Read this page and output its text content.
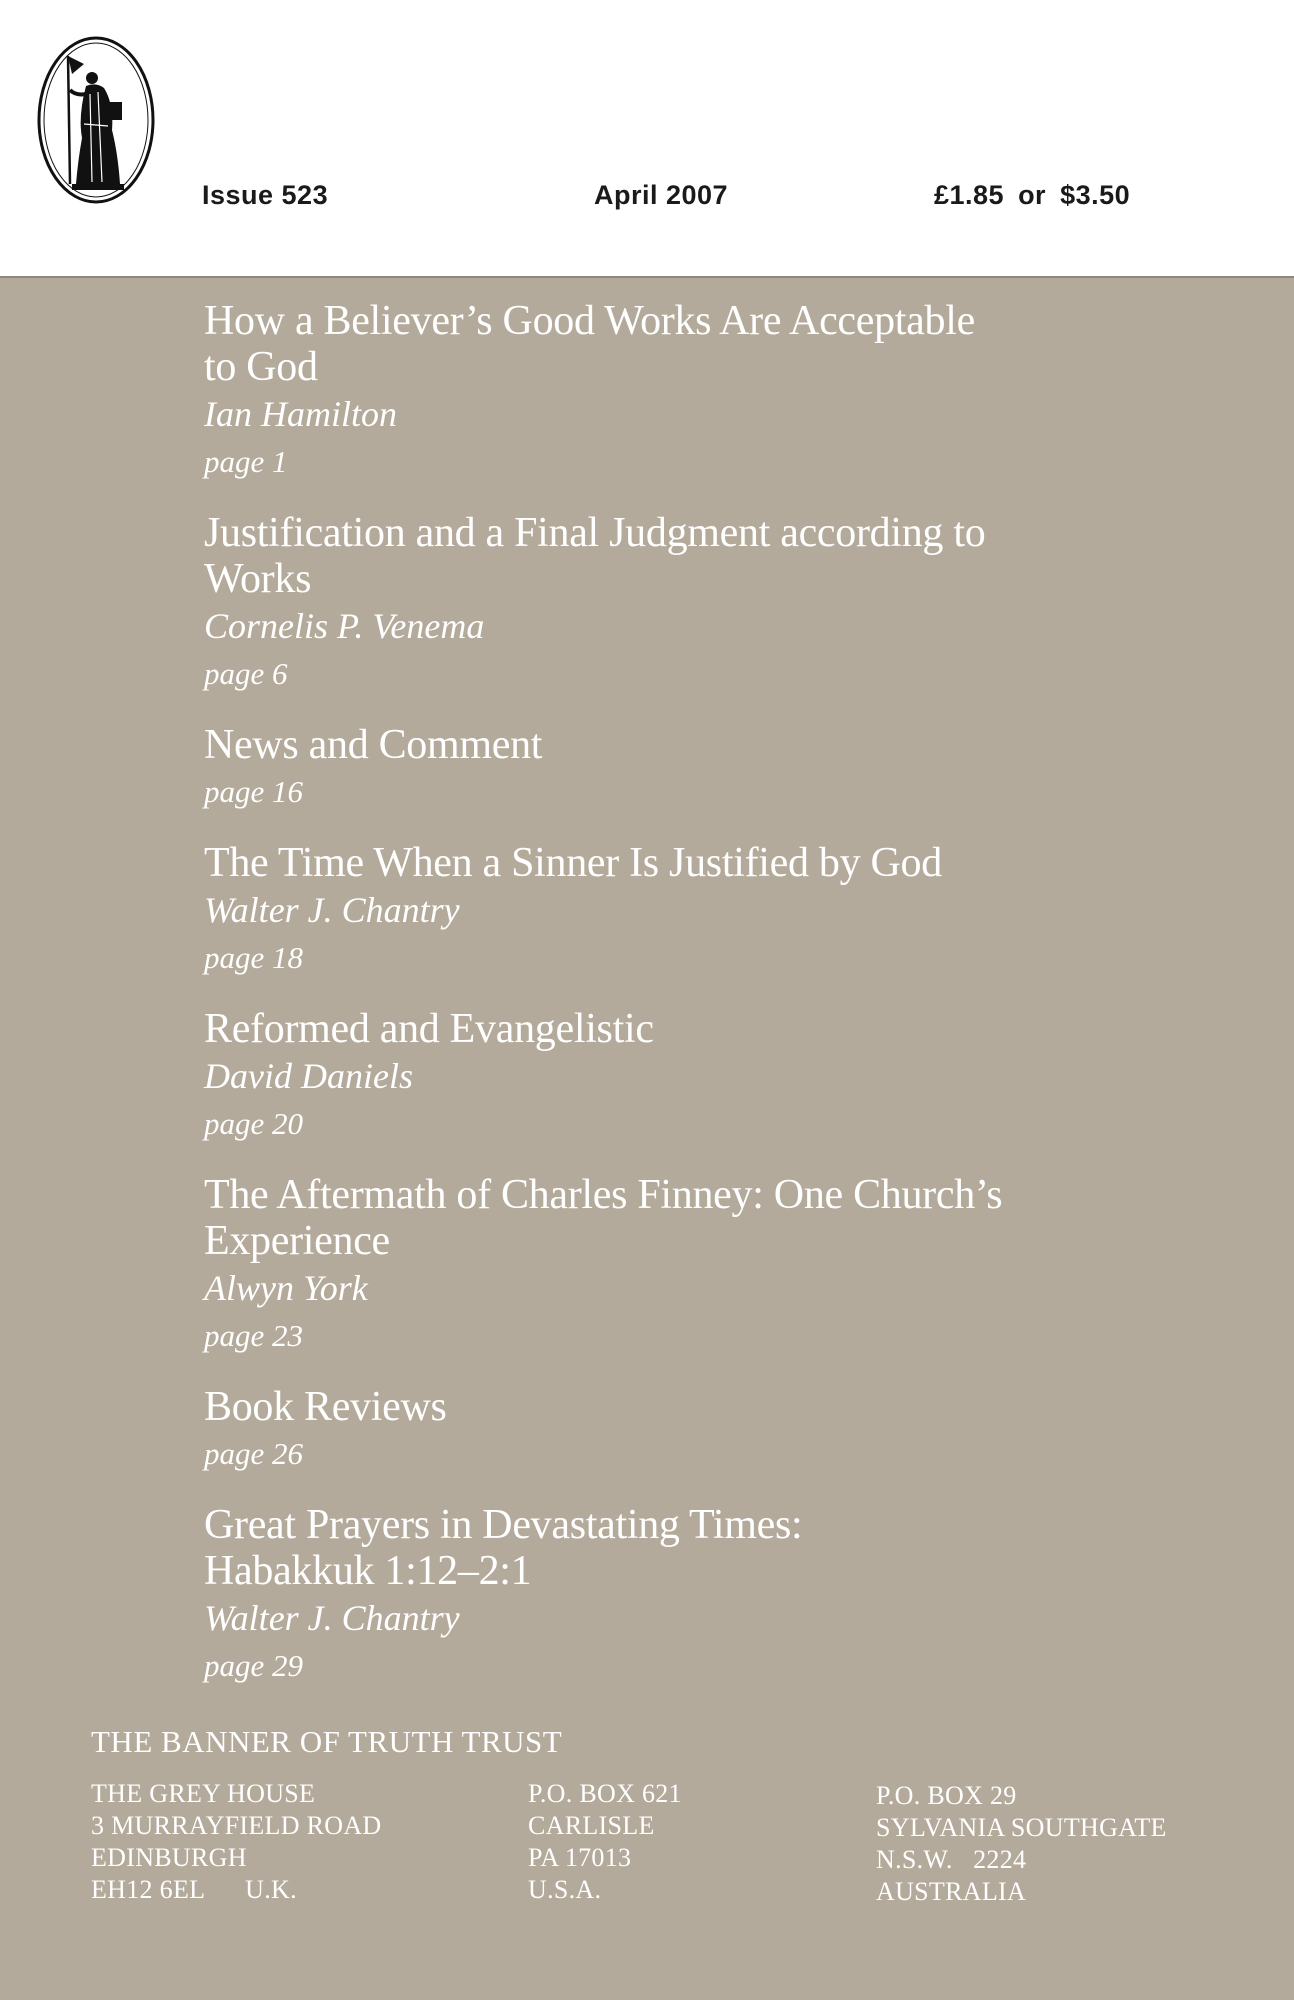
Issue 523	April 2007	£1.85 or $3.50
How a Believer’s Good Works Are Acceptable
to God
Ian Hamilton
page 1
Justification and a Final Judgment according to
Works
Cornelis P. Venema
page 6
News and Comment
page 16
The Time When a Sinner Is Justified by God
Walter J. Chantry
page 18
Reformed and Evangelistic
David Daniels
page 20
The Aftermath of Charles Finney: One Church’s
Experience
Alwyn York
page 23
Book Reviews
page 26
Great Prayers in Devastating Times:
Habakkuk 1:12–2:1
Walter J. Chantry
page 29
THE BANNER OF TRUTH TRUST
THE GREY HOUSE
3 MURRAYFIELD ROAD
EDINBURGH
EH12 6EL      U.K.
P.O. BOX 621
CARLISLE
PA 17013
U.S.A.
P.O. BOX 29
SYLVANIA SOUTHGATE
N.S.W.   2224
AUSTRALIA
